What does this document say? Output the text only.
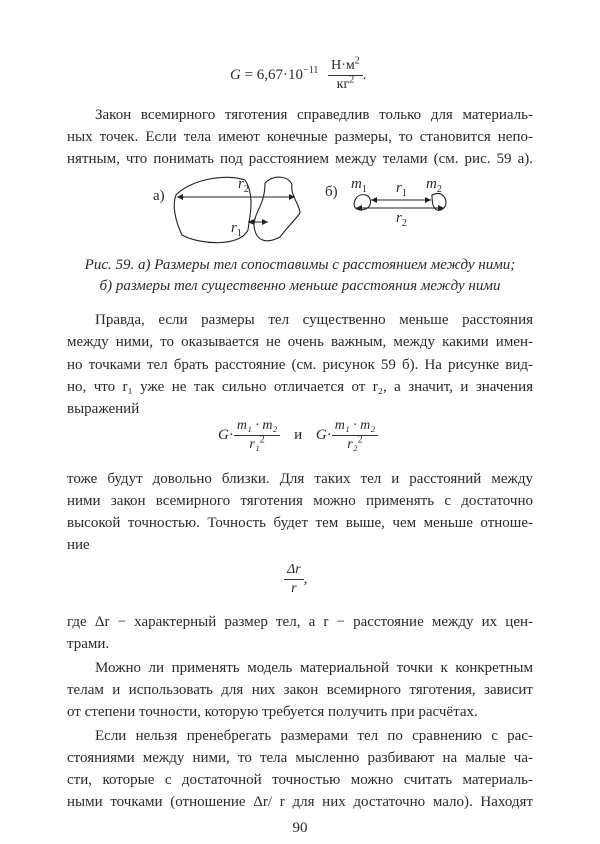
$G = 6,67\cdot 10^{-11} \frac{Н\cdot м^2}{кг^2}$ .
Закон всемирного тяготения справедлив только для материаль-
ных точек. Если тела имеют конечные размеры, то становится непо-
нятным, что понимать под расстоянием между телами (см. рис. 59 а).
а)	б)
$r_2$
$r_1$
$m_1$	$m_2$
$r_1$
$r_2$
Рис. 59. а) Размеры тел сопоставимы с расстоянием между ними;
б) размеры тел существенно меньше расстояния между ними
Правда, если размеры тел существенно меньше расстояния
между ними, то оказывается не очень важным, между какими имен-
но точками тел брать расстояние (см. рисунок 59 б). На рисунке вид-
но, что r₁ уже не так сильно отличается от r₂, а значит, и значения
выражений
$G\cdot \frac{\text{m₁ · m₂}}{r_1^2}$ и $G\cdot \frac{\text{m₁ · m₂}}{r_2^2}$
тоже будут довольно близки. Для таких тел и расстояний между
ними закон всемирного тяготения можно применять с достаточно
высокой точностью. Точность будет тем выше, чем меньше отноше-
ние
$\frac{\Delta r}{r}$ ,
где Δr − характерный размер тел, а r − расстояние между их цен-
трами.
Можно ли применять модель материальной точки к конкретным
телам и использовать для них закон всемирного тяготения, зависит
от степени точности, которую требуется получить при расчётах.
Если нельзя пренебрегать размерами тел по сравнению с рас-
стояниями между ними, то тела мысленно разбивают на малые ча-
сти, которые с достаточной точностью можно считать материаль-
ными точками (отношение Δr/ r для них достаточно мало). Находят
90
